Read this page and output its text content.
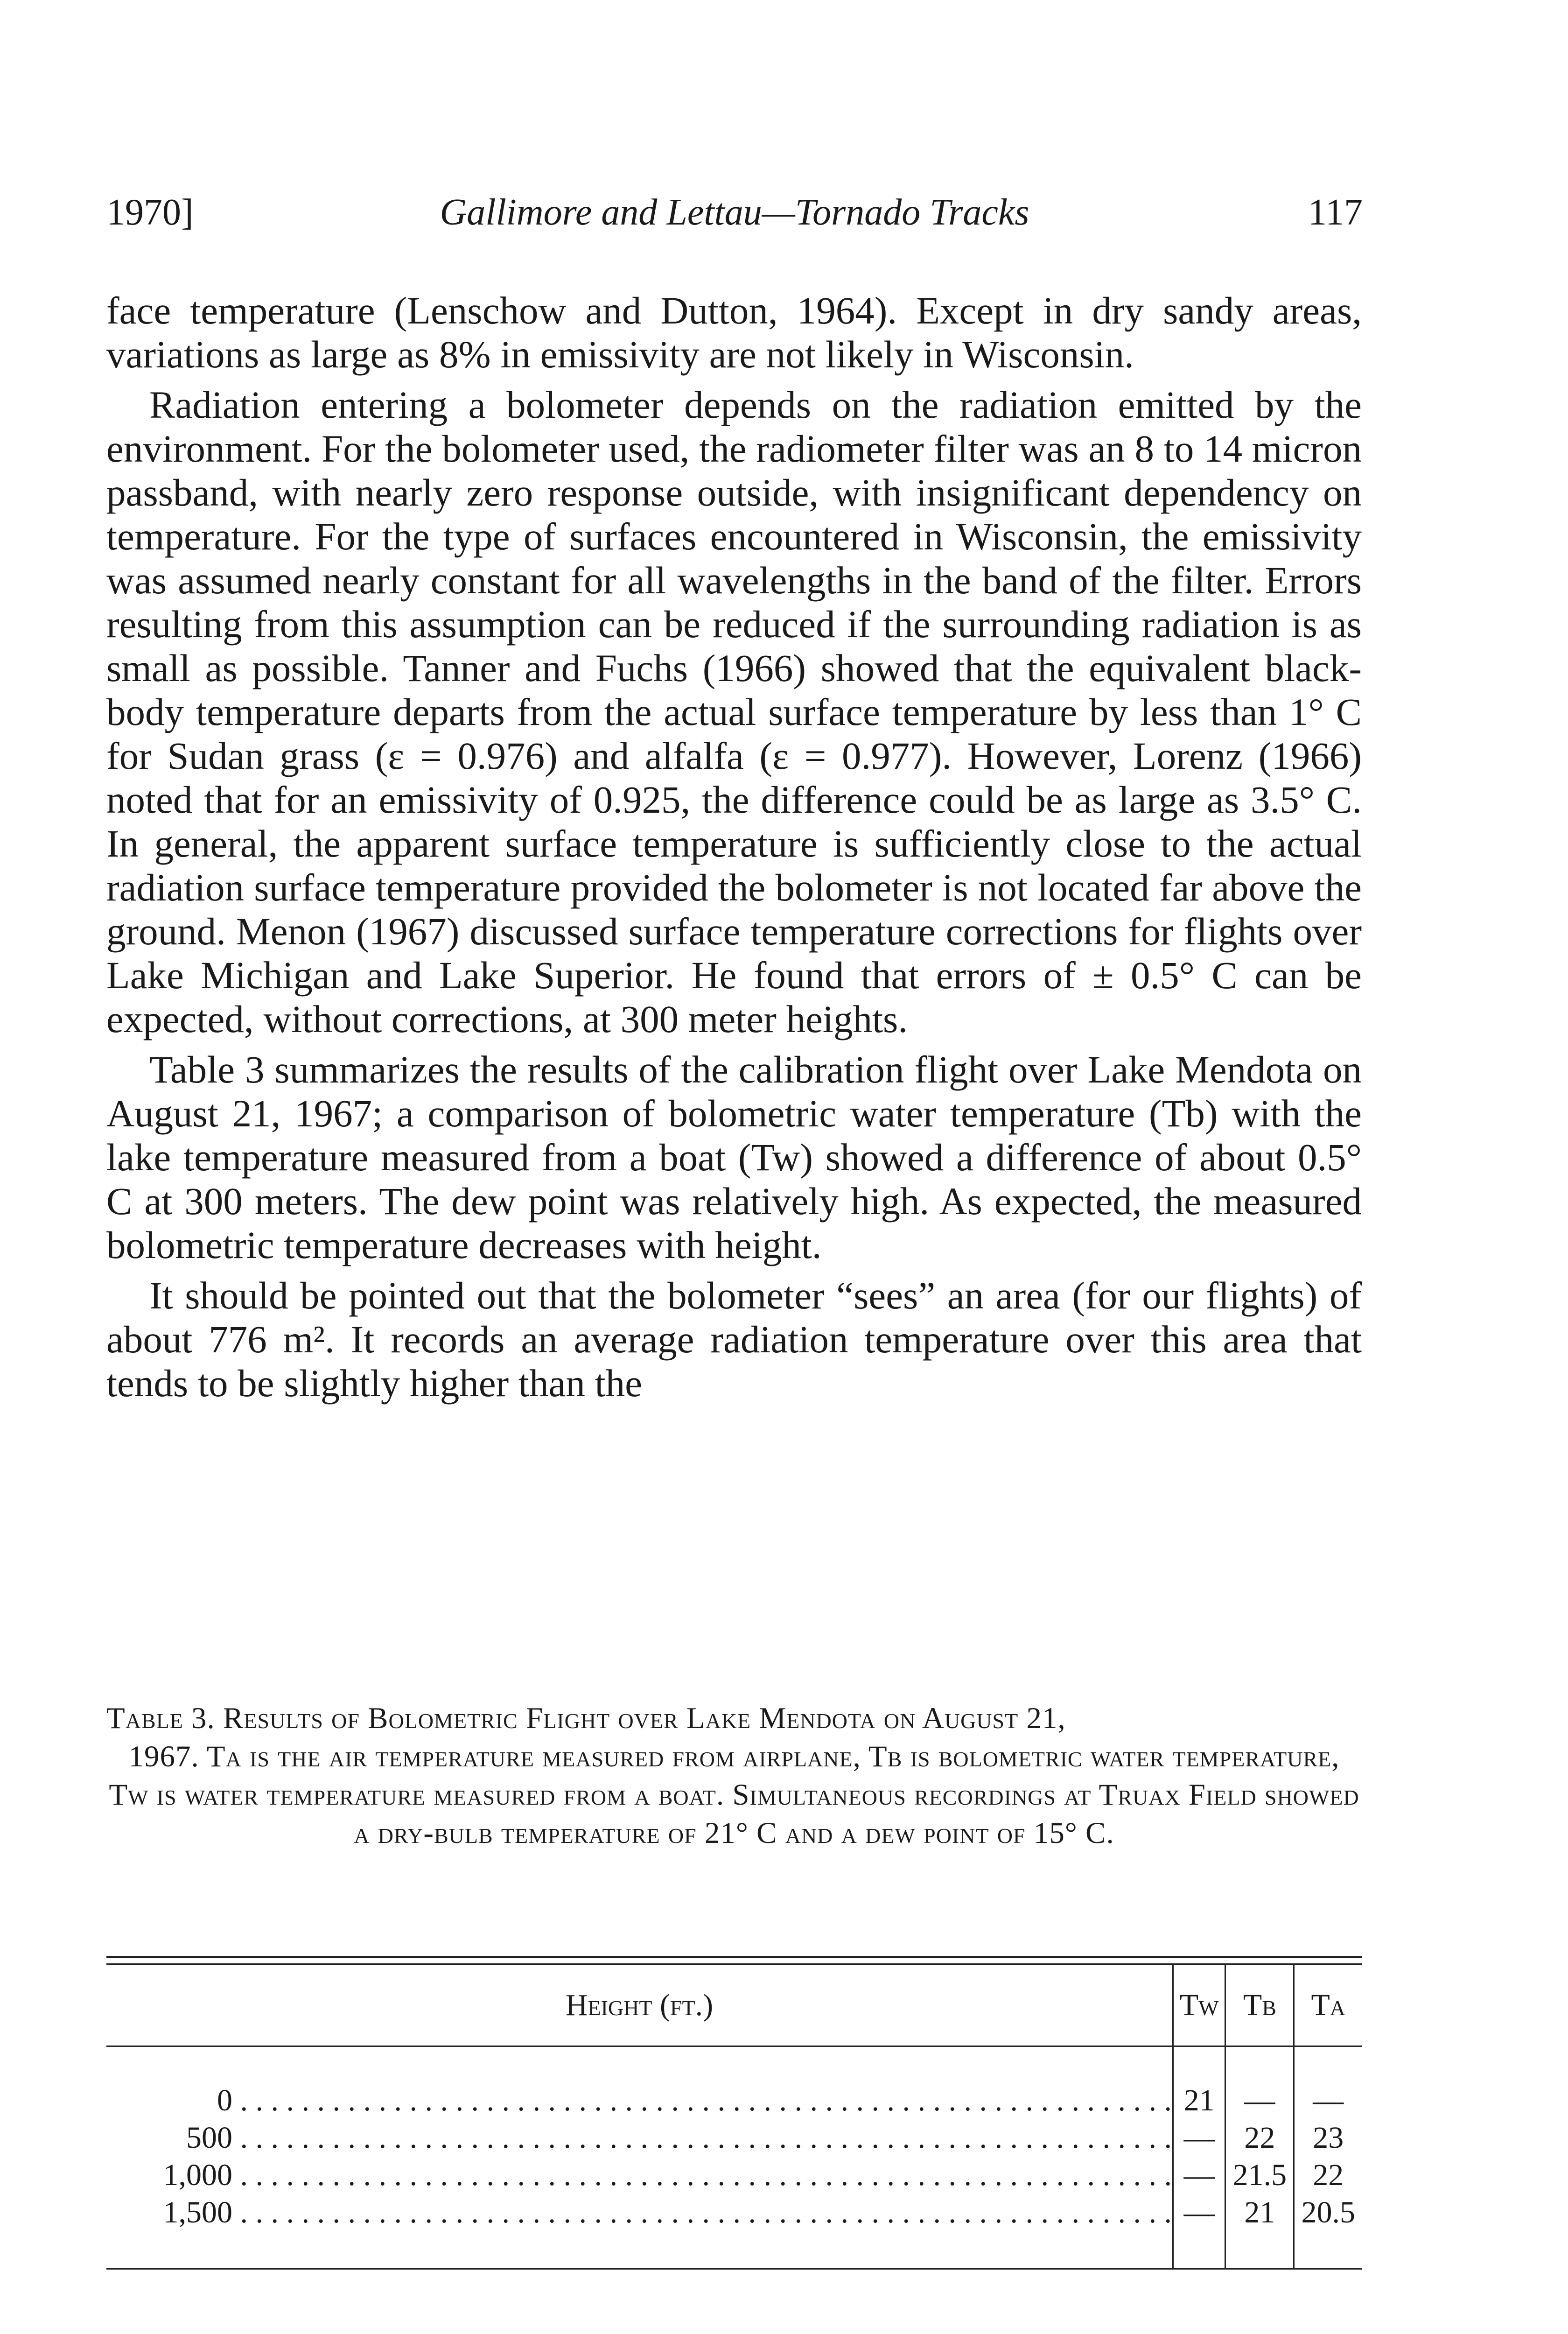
1970]	Gallimore and Lettau—Tornado Tracks	117

face temperature (Lenschow and Dutton, 1964). Except in dry sandy areas, variations as large as 8% in emissivity are not likely in Wisconsin.

Radiation entering a bolometer depends on the radiation emitted by the environment. For the bolometer used, the radiometer filter was an 8 to 14 micron passband, with nearly zero response outside, with insignificant dependency on temperature. For the type of surfaces encountered in Wisconsin, the emissivity was assumed nearly constant for all wavelengths in the band of the filter. Errors resulting from this assumption can be reduced if the surrounding radiation is as small as possible. Tanner and Fuchs (1966) showed that the equivalent black-body temperature departs from the actual surface temperature by less than 1° C for Sudan grass (ε = 0.976) and alfalfa (ε = 0.977). However, Lorenz (1966) noted that for an emissivity of 0.925, the difference could be as large as 3.5° C. In general, the apparent surface temperature is sufficiently close to the actual radiation surface temperature provided the bolometer is not located far above the ground. Menon (1967) discussed surface temperature corrections for flights over Lake Michigan and Lake Superior. He found that errors of ± 0.5° C can be expected, without corrections, at 300 meter heights.

Table 3 summarizes the results of the calibration flight over Lake Mendota on August 21, 1967; a comparison of bolometric water temperature (Tb) with the lake temperature measured from a boat (Tw) showed a difference of about 0.5° C at 300 meters. The dew point was relatively high. As expected, the measured bolometric temperature decreases with height.

It should be pointed out that the bolometer “sees” an area (for our flights) of about 776 m². It records an average radiation temperature over this area that tends to be slightly higher than the

Table 3. Results of Bolometric Flight over Lake Mendota on August 21,
1967. Ta is the air temperature measured from airplane, Tb is bolometric water temperature, Tw is water temperature measured from a boat. Simultaneous recordings at Truax Field showed a dry-bulb temperature of 21° C and a dew point of 15° C.
Height (ft.)	Tw	Tb	Ta
0 . . .	21	—	—
500 . . .	—	22	23
1,000 . . .	—	21.5	22
1,500 . . .	—	21	20.5
